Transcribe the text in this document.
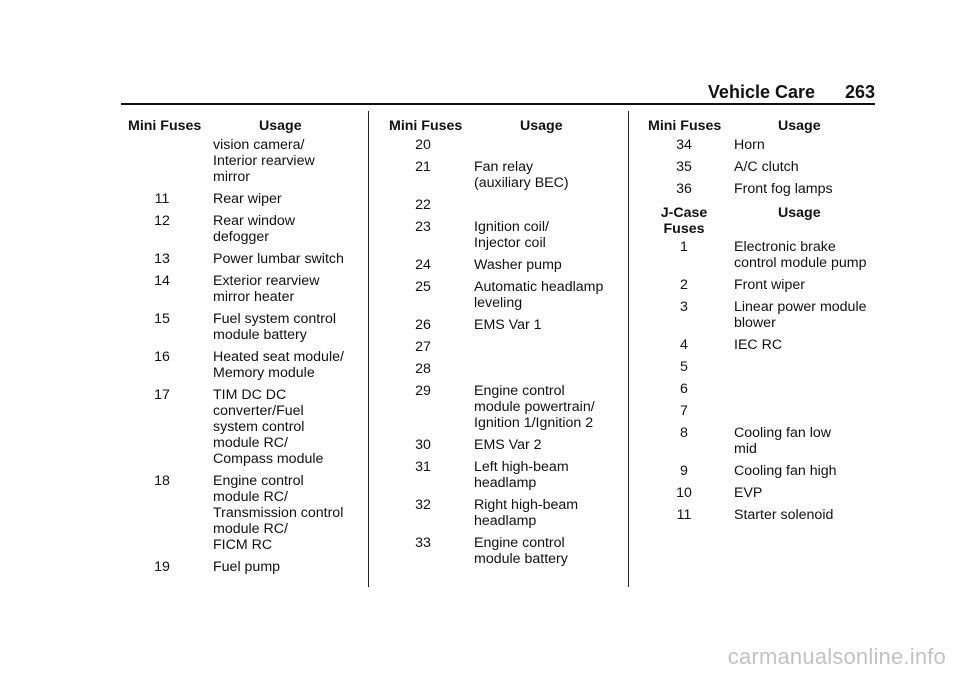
Vehicle Care 263
Mini Fuses	Usage
vision camera/
Interior rearview
mirror
11	Rear wiper
12	Rear window
defogger
13	Power lumbar switch
14	Exterior rearview
mirror heater
15	Fuel system control
module battery
16	Heated seat module/
Memory module
17	TIM DC DC
converter/Fuel
system control
module RC/
Compass module
18	Engine control
module RC/
Transmission control
module RC/
FICM RC
19	Fuel pump
Mini Fuses	Usage
20
21	Fan relay
(auxiliary BEC)
22
23	Ignition coil/
Injector coil
24	Washer pump
25	Automatic headlamp
leveling
26	EMS Var 1
27
28
29	Engine control
module powertrain/
Ignition 1/Ignition 2
30	EMS Var 2
31	Left high-beam
headlamp
32	Right high-beam
headlamp
33	Engine control
module battery
Mini Fuses	Usage
34	Horn
35	A/C clutch
36	Front fog lamps
J-Case
Fuses
Usage
1	Electronic brake
control module pump
2	Front wiper
3	Linear power module
blower
4	IEC RC
5
6
7
8	Cooling fan low
mid
9	Cooling fan high
10	EVP
11	Starter solenoid
carmanualsonline.info
